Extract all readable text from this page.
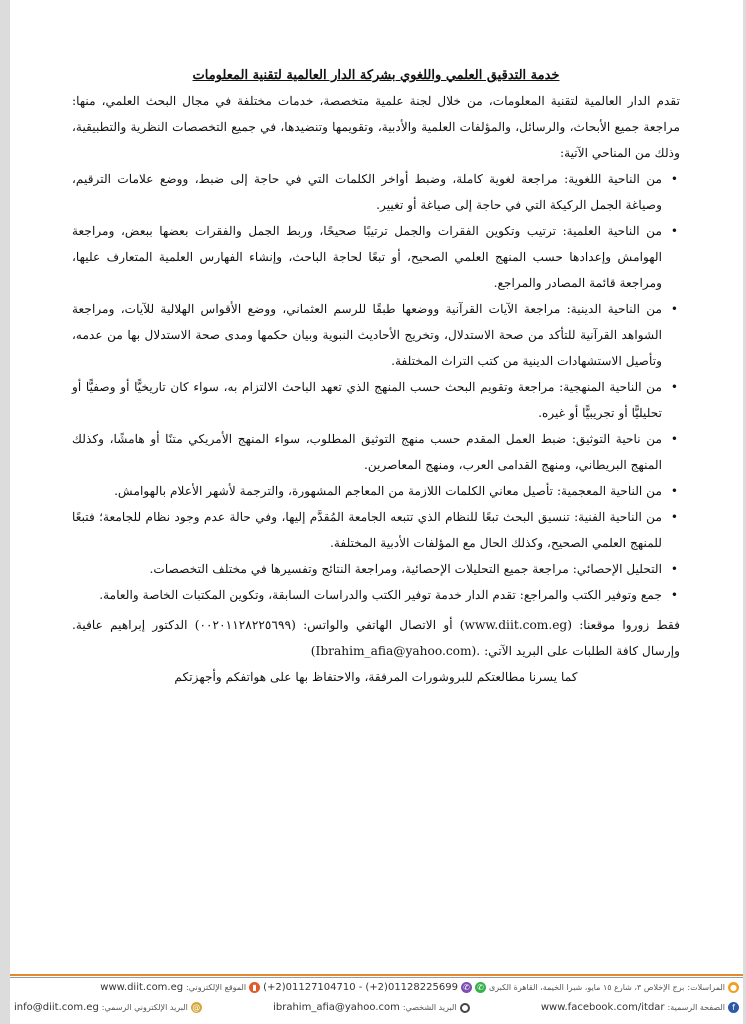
خدمة التدقيق العلمي واللغوي بشركة الدار العالمية لتقنية المعلومات

تقدم الدار العالمية لتقنية المعلومات، من خلال لجنة علمية متخصصة، خدمات مختلفة في مجال البحث العلمي، منها: مراجعة جميع الأبحاث، والرسائل، والمؤلفات العلمية والأدبية، وتقويمها وتنضيدها، في جميع التخصصات النظرية والتطبيقية، وذلك من المناحي الآتية:

•
من الناحية اللغوية: مراجعة لغوية كاملة، وضبط أواخر الكلمات التي في حاجة إلى ضبط، ووضع علامات الترقيم، وصياغة الجمل الركيكة التي في حاجة إلى صياغة أو تغيير.
•
من الناحية العلمية: ترتيب وتكوين الفقرات والجمل ترتيبًا صحيحًا، وربط الجمل والفقرات بعضها ببعض، ومراجعة الهوامش وإعدادها حسب المنهج العلمي الصحيح، أو تبعًا لحاجة الباحث، وإنشاء الفهارس العلمية المتعارف عليها، ومراجعة قائمة المصادر والمراجع.
•
من الناحية الدينية: مراجعة الآيات القرآنية ووضعها طبقًا للرسم العثماني، ووضع الأقواس الهلالية للآيات، ومراجعة الشواهد القرآنية للتأكد من صحة الاستدلال، وتخريج الأحاديث النبوية وبيان حكمها ومدى صحة الاستدلال بها من عدمه، وتأصيل الاستشهادات الدينية من كتب التراث المختلفة.
•
من الناحية المنهجية: مراجعة وتقويم البحث حسب المنهج الذي تعهد الباحث الالتزام به، سواء كان تاريخيًّا أو وصفيًّا أو تحليليًّا أو تجريبيًّا أو غيره.
•
من ناحية التوثيق: ضبط العمل المقدم حسب منهج التوثيق المطلوب، سواء المنهج الأمريكي متنًا أو هامشًا، وكذلك المنهج البريطاني، ومنهج القدامى العرب، ومنهج المعاصرين.
•
من الناحية المعجمية: تأصيل معاني الكلمات اللازمة من المعاجم المشهورة، والترجمة لأشهر الأعلام بالهوامش.
•
من الناحية الفنية: تنسيق البحث تبعًا للنظام الذي تتبعه الجامعة المُقدَّم إليها، وفي حالة عدم وجود نظام للجامعة؛ فتبعًا للمنهج العلمي الصحيح، وكذلك الحال مع المؤلفات الأدبية المختلفة.
•
التحليل الإحصائي: مراجعة جميع التحليلات الإحصائية، ومراجعة النتائج وتفسيرها في مختلف التخصصات.
•
جمع وتوفير الكتب والمراجع: تقدم الدار خدمة توفير الكتب والدراسات السابقة، وتكوين المكتبات الخاصة والعامة.

فقط زوروا موقعنا: (www.diit.com.eg) أو الاتصال الهاتفي والواتس: (٠٠٢٠١١٢٨٢٢٥٦٩٩) الدكتور إبراهيم عافية. وإرسال كافة الطلبات على البريد الآتي: (Ibrahim_afia@yahoo.com).

كما يسرنا مطالعتكم للبروشورات المرفقة، والاحتفاظ بها على هواتفكم وأجهزتكم

●
المراسلات:
برج الإخلاص ٣، شارع ١٥ مايو، شبرا الخيمة، القاهرة الكبرى
✆
✆
(+2)01128225699
(+2)01127104710 -
▮
الموقع الإلكتروني:
www.diit.com.eg
f
الصفحة الرسمية:
www.facebook.com/itdar
البريد الشخصي:
ibrahim_afia@yahoo.com
@
البريد الإلكتروني الرسمي:
info@diit.com.eg
